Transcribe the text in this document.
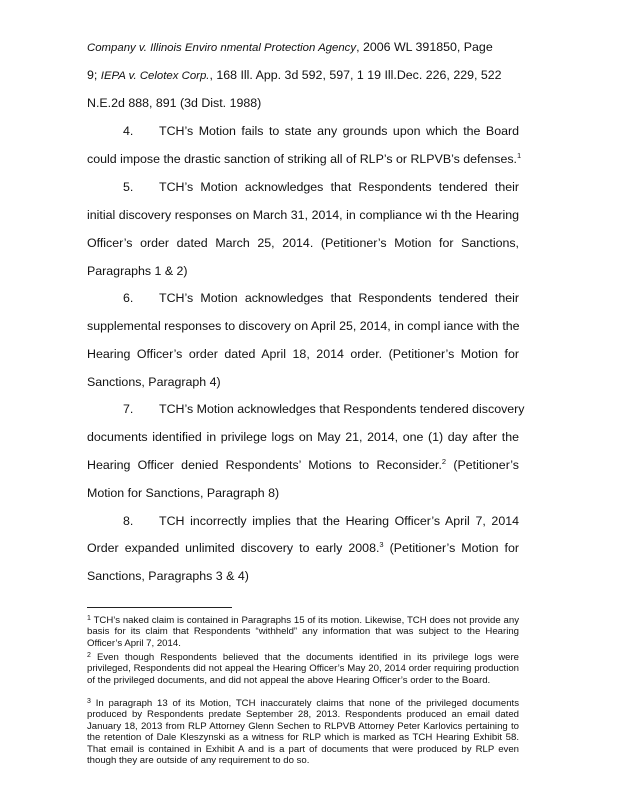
Company v. Illinois Enviro nmental Protection Agency, 2006 WL 391850, Page
9; IEPA v. Celotex Corp., 168 Ill. App. 3d 592, 597, 1 19 Ill.Dec. 226, 229, 522
N.E.2d 888, 891 (3d Dist. 1988)
4. TCH’s Motion fails to state any grounds upon which the Board
could impose the drastic sanction of striking all of RLP’s or RLPVB’s defenses.$^1$
5. TCH’s Motion acknowledges that Respondents tendered their
initial discovery responses on March 31, 2014, in compliance wi th the Hearing
Officer’s order dated March 25, 2014. (Petitioner’s Motion for Sanctions,
Paragraphs 1 & 2)
6. TCH’s Motion acknowledges that Respondents tendered their
supplemental responses to discovery on April 25, 2014, in compl iance with the
Hearing Officer’s order dated April 18, 2014 order. (Petitioner’s Motion for
Sanctions, Paragraph 4)
7. TCH’s Motion acknowledges that Respondents tendered discovery
documents identified in privilege logs on May 21, 2014, one (1) day after the
Hearing Officer denied Respondents’ Motions to Reconsider.$^2$ (Petitioner’s
Motion for Sanctions, Paragraph 8)
8. TCH incorrectly implies that the Hearing Officer’s April 7, 2014
Order expanded unlimited discovery to early 2008.$^3$ (Petitioner’s Motion for
Sanctions, Paragraphs 3 & 4)

$^1$ TCH’s naked claim is contained in Paragraphs 15 of its motion. Likewise, TCH does not provide any basis for its claim that Respondents “withheld” any information that was subject to the Hearing Officer’s April 7, 2014.

$^2$ Even though Respondents believed that the documents identified in its privilege logs were privileged, Respondents did not appeal the Hearing Officer’s May 20, 2014 order requiring production of the privileged documents, and did not appeal the above Hearing Officer’s order to the Board.

$^3$ In paragraph 13 of its Motion, TCH inaccurately claims that none of the privileged documents produced by Respondents predate September 28, 2013. Respondents produced an email dated January 18, 2013 from RLP Attorney Glenn Sechen to RLPVB Attorney Peter Karlovics pertaining to the retention of Dale Kleszynski as a witness for RLP which is marked as TCH Hearing Exhibit 58. That email is contained in Exhibit A and is a part of documents that were produced by RLP even though they are outside of any requirement to do so.
